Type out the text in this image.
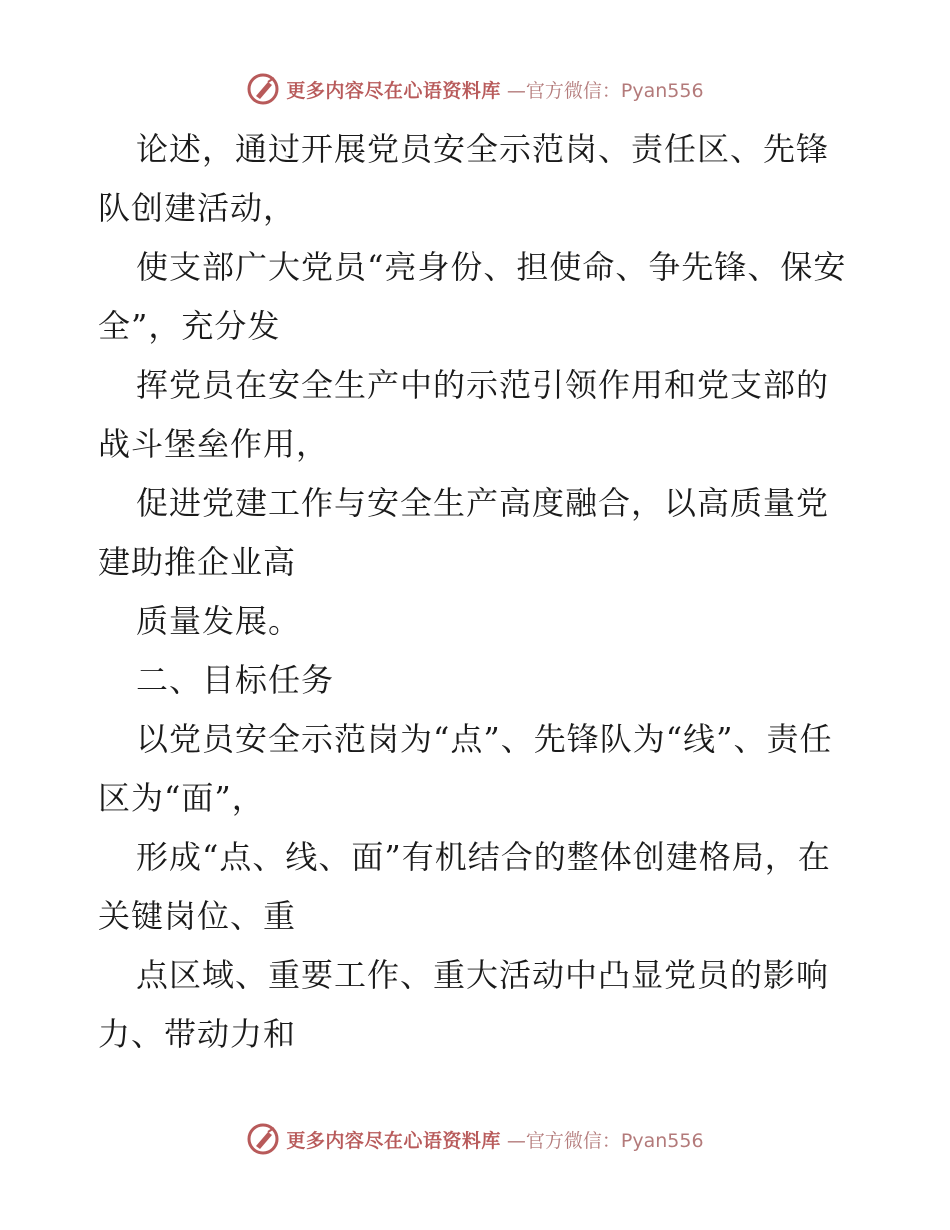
更多内容尽在心语资料库 —官方微信：Pyan556

论述，通过开展党员安全示范岗、责任区、先锋队创建活动，

使支部广大党员“亮身份、担使命、争先锋、保安全”，充分发

挥党员在安全生产中的示范引领作用和党支部的战斗堡垒作用，

促进党建工作与安全生产高度融合，以高质量党建助推企业高

质量发展。

二、目标任务

以党员安全示范岗为“点”、先锋队为“线”、责任区为“面”，

形成“点、线、面”有机结合的整体创建格局，在关键岗位、重

点区域、重要工作、重大活动中凸显党员的影响力、带动力和

更多内容尽在心语资料库 —官方微信：Pyan556
